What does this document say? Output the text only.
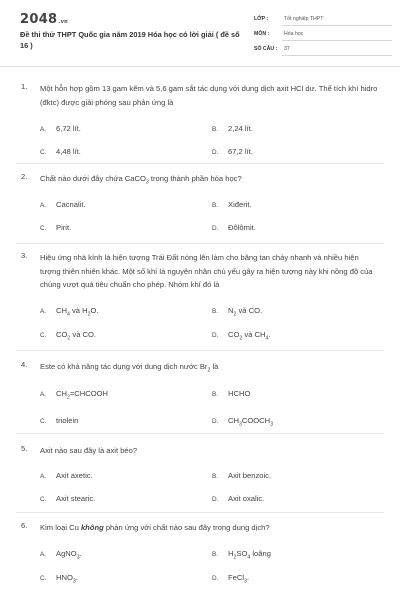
2048.vn
Đề thi thử THPT Quốc gia năm 2019 Hóa học có lời giải ( đề số 16 )
LỚP :	Tốt nghiệp THPT
MÔN :	Hóa học
SỐ CÂU : 37
1. Một hỗn hợp gồm 13 gam kẽm và 5,6 gam sắt tác dụng với dung dịch axit HCl dư. Thể tích khí hidro (đktc) được giải phóng sau phản ứng là
A. 6,72 lít.	B. 2,24 lít.
C. 4,48 lít.	D. 67,2 lít.
2. Chất nào dưới đây chứa CaCO$_3$ trong thành phần hóa học?
A. Cacnalit.	B. Xiđerit.
C. Pirit.	D. Đôlômit.
3. Hiệu ứng nhà kính là hiện tượng Trái Đất nóng lên làm cho băng tan chảy nhanh và nhiều hiện tượng thiên nhiên khác. Một số khí là nguyên nhân chủ yếu gây ra hiện tượng này khi nồng độ của chúng vượt quá tiêu chuẩn cho phép. Nhóm khí đó là
A. $CH_4$ và $H_2O$.	B. $N_2$ và CO.
C. $CO_2$ và CO.	D. $CO_2$ và $CH_4$.
4. Este có khả năng tác dụng với dung dịch nước $Br_2$ là
A. $CH_2=CHCOOH$	B. HCHO
C. triolein	D. $CH_3COOCH_3$
5. Axit nào sau đây là axit béo?
A. Axit axetic.	B. Axit benzoic.
C. Axit stearic.	D. Axit oxalic.
6. Kim loại Cu không phản ứng với chất nào sau đây trong dung dịch?
A. AgNO$_3$.	B. $H_2SO_4$ loãng
C. $HNO_3$.	D. FeCl$_3$.
